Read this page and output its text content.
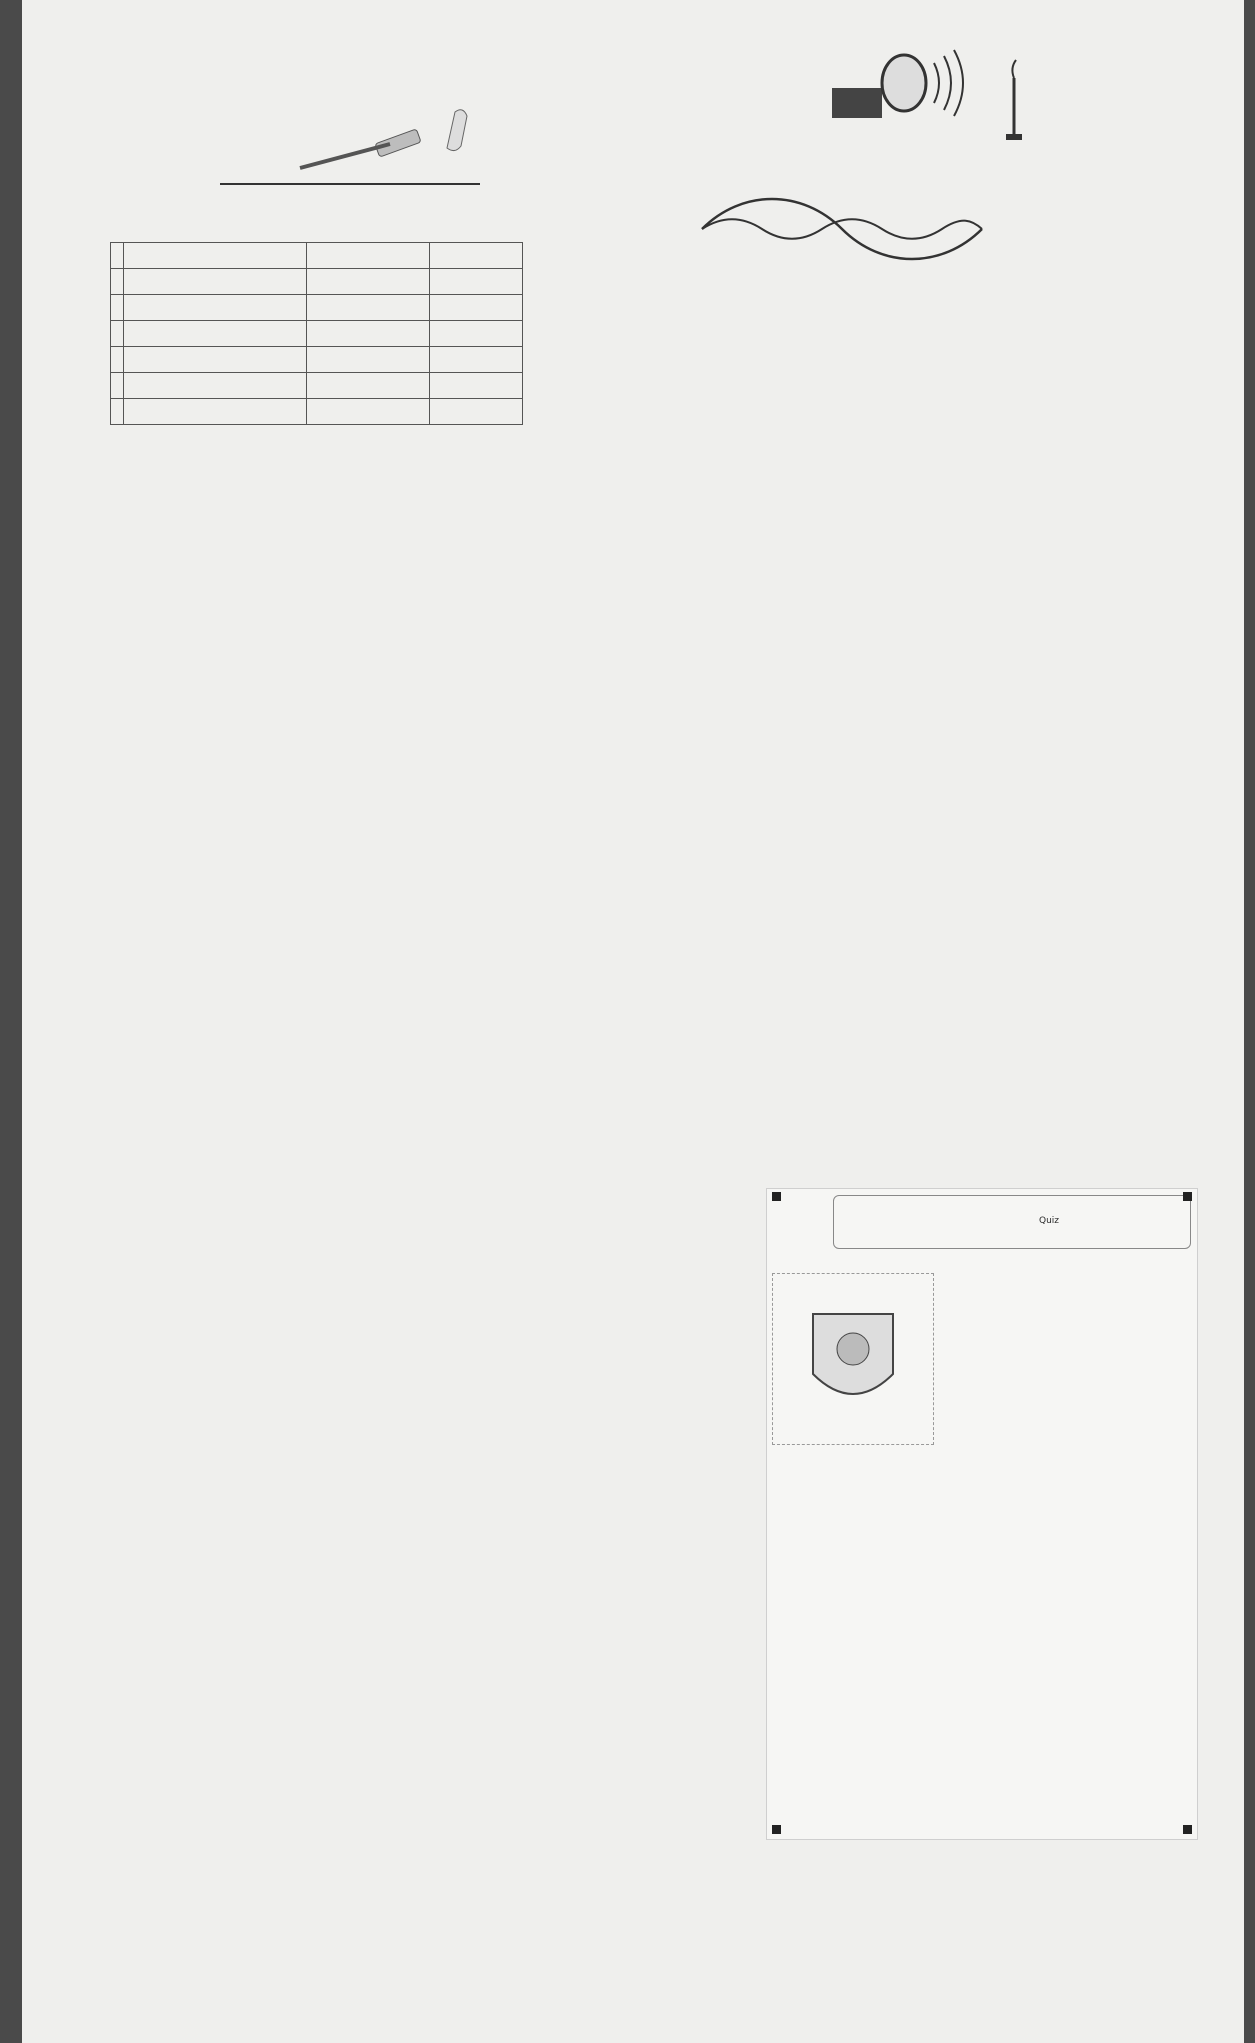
Quiz
